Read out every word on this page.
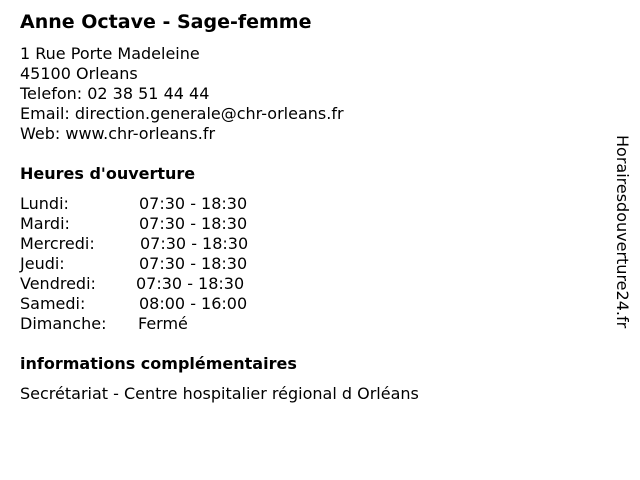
Anne Octave - Sage-femme
1 Rue Porte Madeleine
45100 Orleans
Telefon: 02 38 51 44 44
Email: direction.generale@chr-orleans.fr
Web: www.chr-orleans.fr
Heures d'ouverture
Lundi:	07:30 - 18:30
Mardi:	07:30 - 18:30
Mercredi:	07:30 - 18:30
Jeudi:	07:30 - 18:30
Vendredi:	07:30 - 18:30
Samedi:	08:00 - 16:00
Dimanche: Fermé
informations complémentaires
Secrétariat - Centre hospitalier régional d Orléans
Horairesdouverture24.fr
